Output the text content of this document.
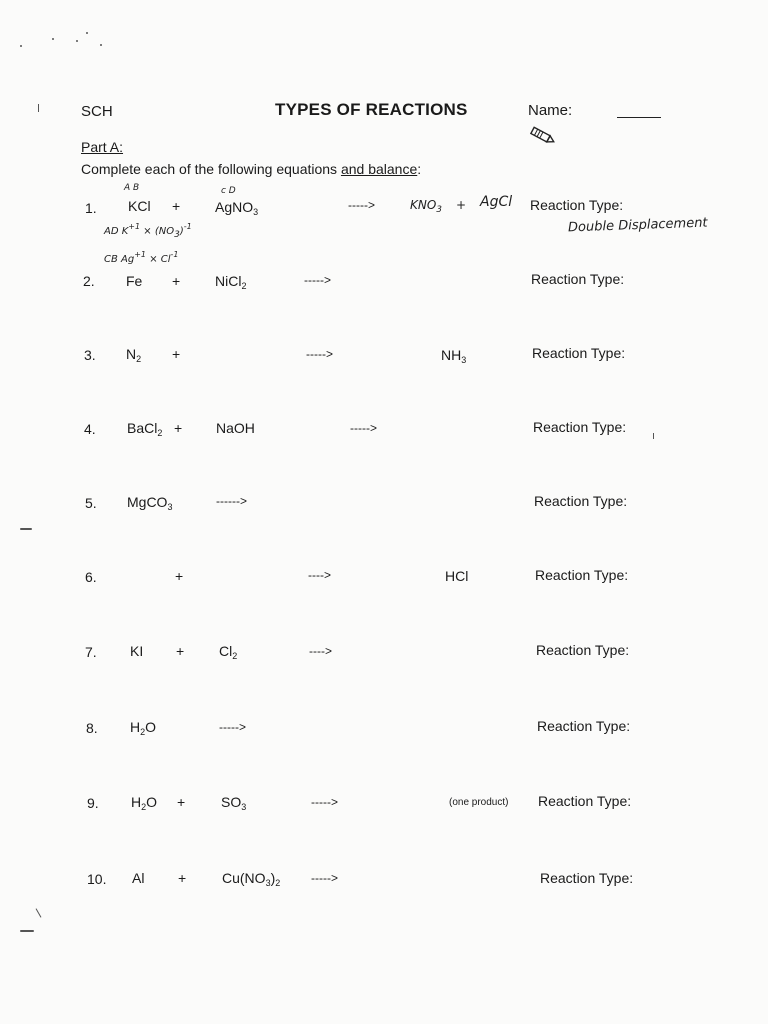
SCH	TYPES OF REACTIONS	Name:
Part A:
Complete each of the following equations and balance:
A B	c D
1. KCl + AgNO$_3$	----->	$KNO_3$ + AgCl Reaction Type:
Double Displacement
AD $K^{+1}$ ⨯ $(NO_3)^{-1}$
CB $Ag^{+1}$ ⨯ $Cl^{-1}$
2. Fe + NiCl$_2$	----->	Reaction Type:
3. $N_2$ +	----->	$NH_3$	Reaction Type:
4. BaCl$_2$ + NaOH	----->	Reaction Type:
5. MgCO$_3$	------>	Reaction Type:
6.	+	---->	HCl	Reaction Type:
7. KI + $Cl_2$	---->	Reaction Type:
8. $H_2O$	----->	Reaction Type:
9. $H_2O$ +	$SO_3$	----->	(one product) Reaction Type:
10. Al +	$Cu(NO_3)_2$	----->	Reaction Type:
